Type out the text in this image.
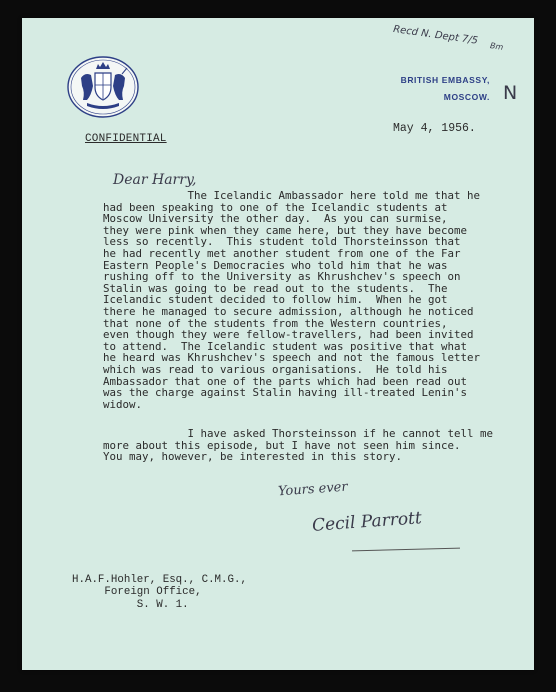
Recd N. Dept 7/5 Bm
N
BRITISH EMBASSY,
MOSCOW.
May 4, 1956.
CONFIDENTIAL
Dear Harry,
The Icelandic Ambassador here told me that he
had been speaking to one of the Icelandic students at
Moscow University the other day.  As you can surmise,
they were pink when they came here, but they have become
less so recently.  This student told Thorsteinsson that
he had recently met another student from one of the Far
Eastern People's Democracies who told him that he was
rushing off to the University as Khrushchev's speech on
Stalin was going to be read out to the students.  The
Icelandic student decided to follow him.  When he got
there he managed to secure admission, although he noticed
that none of the students from the Western countries,
even though they were fellow-travellers, had been invited
to attend.  The Icelandic student was positive that what
he heard was Khrushchev's speech and not the famous letter
which was read to various organisations.  He told his
Ambassador that one of the parts which had been read out
was the charge against Stalin having ill-treated Lenin's
widow.
I have asked Thorsteinsson if he cannot tell me
more about this episode, but I have not seen him since.
You may, however, be interested in this story.
Yours ever
Cecil Parrott
H.A.F.Hohler, Esq., C.M.G.,
Foreign Office,
S. W. 1.
